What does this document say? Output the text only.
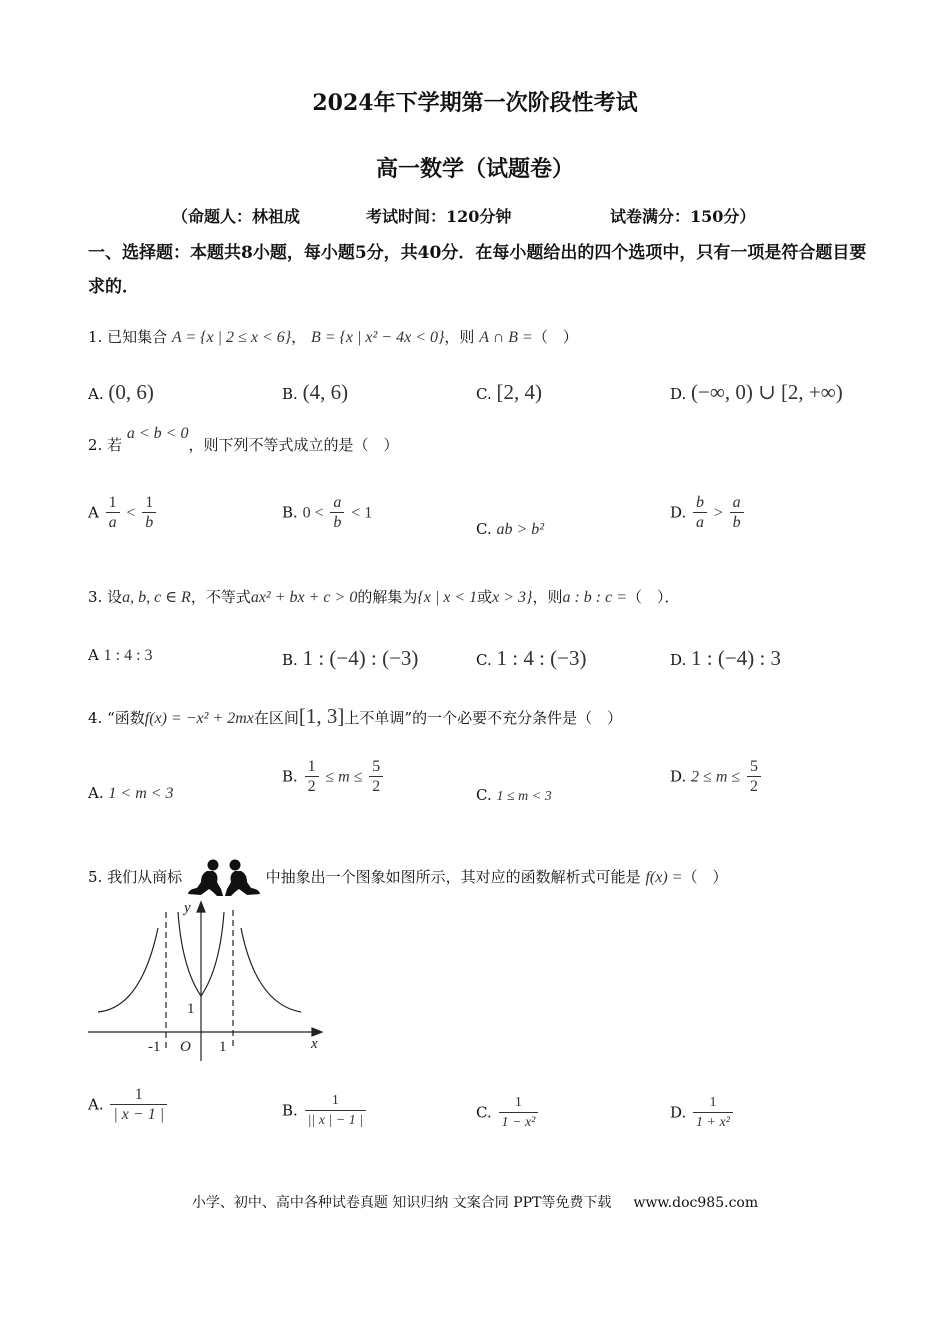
2024年下学期第一次阶段性考试
高一数学（试题卷）
（命题人：林祖成	考试时间：120分钟	试卷满分：150分）
一、选择题：本题共8小题，每小题5分，共40分．在每小题给出的四个选项中，只有一项是符合题目要求的．
1. 已知集合 A = {x | 2 ≤ x < 6}， B = {x | x² − 4x < 0}，则 A ∩ B =（　）
A. (0, 6)	B. (4, 6)	C. [2, 4)	D. (−∞, 0) ∪ [2, +∞)
2. 若 a < b < 0，则下列不等式成立的是（　）
A $\frac{1}{a} < \frac{1}{b}$	B. $0 < \frac{a}{b} < 1$
C. ab > b²
D. $\frac{b}{a} > \frac{a}{b}$
3. 设a, b, c ∈ R，不等式ax² + bx + c > 0的解集为{x | x < 1或x > 3}，则a : b : c =（　）．
A 1 : 4 : 3	B. 1 : (−4) : (−3)	C. 1 : 4 : (−3)	D. 1 : (−4) : 3
4. “函数f(x) = −x² + 2mx在区间[1, 3]上不单调”的一个必要不充分条件是（　）
A. 1 < m < 3
B. $\frac{1}{2} \le m \le \frac{5}{2}$	C. 1 ≤ m < 3
D. $2 \le m \le \frac{5}{2}$
5. 我们从商标	中抽象出一个图象如图所示，其对应的函数解析式可能是 f(x) =（　）
y
x
1
-1 O 1
A. $\frac{1}{| x - 1 |}$	B. $\frac{1}{|| x | - 1 |}$	C. $\frac{1}{\text{1 − x²}}$	D. $\frac{1}{\text{1 + x²}}$
小学、初中、高中各种试卷真题 知识归纳 文案合同 PPT等免费下载 www.doc985.com
